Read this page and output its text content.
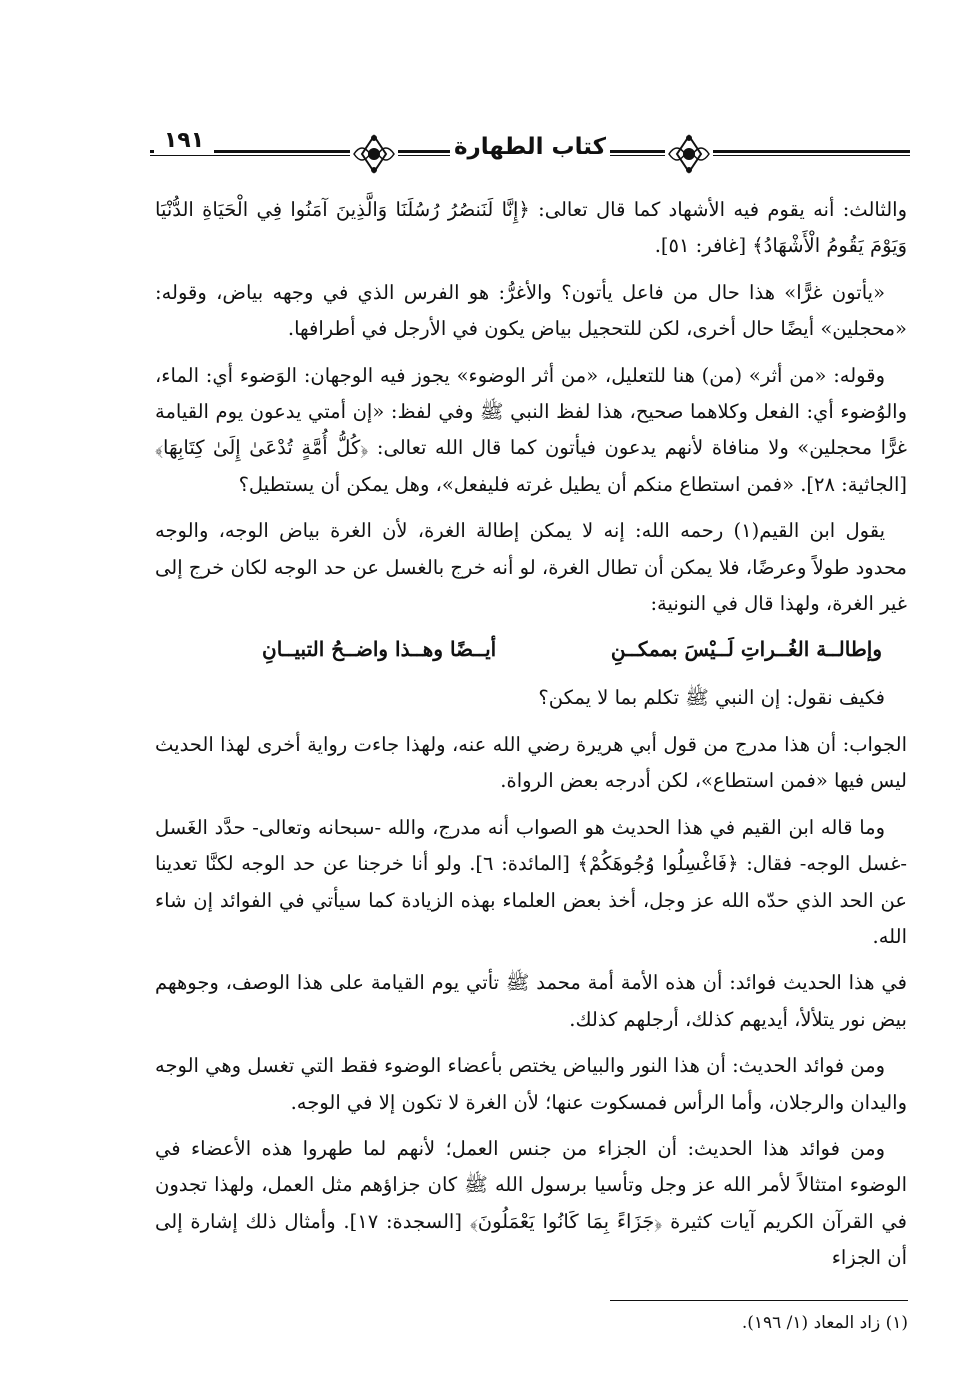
كتاب الطهارة
١٩١

والثالث: أنه يقوم فيه الأشهاد كما قال تعالى: ﴿إِنَّا لَنَنصُرُ رُسُلَنَا وَالَّذِينَ آمَنُوا فِي الْحَيَاةِ الدُّنْيَا وَيَوْمَ يَقُومُ الْأَشْهَادُ﴾ [غافر: ٥١].

«يأتون غرًّا» هذا حال من فاعل يأتون؟ والأغرُّ: هو الفرس الذي في وجهه بياض، وقوله: «محجلين» أيضًا حال أخرى، لكن للتحجيل بياض يكون في الأرجل في أطرافها.

وقوله: «من أثر» (من) هنا للتعليل، «من أثر الوضوء» يجوز فيه الوجهان: الوَضوء أي: الماء، والوُضوء أي: الفعل وكلاهما صحيح، هذا لفظ النبي ﷺ وفي لفظ: «إن أمتي يدعون يوم القيامة غرًّا محجلين» ولا منافاة لأنهم يدعون فيأتون كما قال الله تعالى: ﴿كُلُّ أُمَّةٍ تُدْعَىٰ إِلَىٰ كِتَابِهَا﴾ [الجاثية: ٢٨]. «فمن استطاع منكم أن يطيل غرته فليفعل»، وهل يمكن أن يستطيل؟

يقول ابن القيم(١) رحمه الله: إنه لا يمكن إطالة الغرة، لأن الغرة بياض الوجه، والوجه محدود طولاً وعرضًا، فلا يمكن أن تطال الغرة، لو أنه خرج بالغسل عن حد الوجه لكان خرج إلى غير الغرة، ولهذا قال في النونية:

وإطالــة الغُــراتِ لَــيْسَ بممكــنِ
أيــضًا وهــذا واضــحُ التبيــانِ

فكيف نقول: إن النبي ﷺ تكلم بما لا يمكن؟

الجواب: أن هذا مدرج من قول أبي هريرة رضي الله عنه، ولهذا جاءت رواية أخرى لهذا الحديث ليس فيها «فمن استطاع»، لكن أدرجه بعض الرواة.

وما قاله ابن القيم في هذا الحديث هو الصواب أنه مدرج، والله -سبحانه وتعالى- حدَّد الغَسل -غسل الوجه- فقال: ﴿فَاغْسِلُوا وُجُوهَكُمْ﴾ [المائدة: ٦]. ولو أنا خرجنا عن حد الوجه لكنَّا تعدينا عن الحد الذي حدّه الله عز وجل، أخذ بعض العلماء بهذه الزيادة كما سيأتي في الفوائد إن شاء الله.

في هذا الحديث فوائد: أن هذه الأمة أمة محمد ﷺ تأتي يوم القيامة على هذا الوصف، وجوههم بيض نور يتلألأ، أيديهم كذلك، أرجلهم كذلك.

ومن فوائد الحديث: أن هذا النور والبياض يختص بأعضاء الوضوء فقط التي تغسل وهي الوجه واليدان والرجلان، وأما الرأس فمسكوت عنها؛ لأن الغرة لا تكون إلا في الوجه.

ومن فوائد هذا الحديث: أن الجزاء من جنس العمل؛ لأنهم لما طهروا هذه الأعضاء في الوضوء امتثالاً لأمر الله عز وجل وتأسيا برسول الله ﷺ كان جزاؤهم مثل العمل، ولهذا تجدون في القرآن الكريم آيات كثيرة ﴿جَزَاءً بِمَا كَانُوا يَعْمَلُونَ﴾ [السجدة: ١٧]. وأمثال ذلك إشارة إلى أن الجزاء

(١) زاد المعاد (١/ ١٩٦).
